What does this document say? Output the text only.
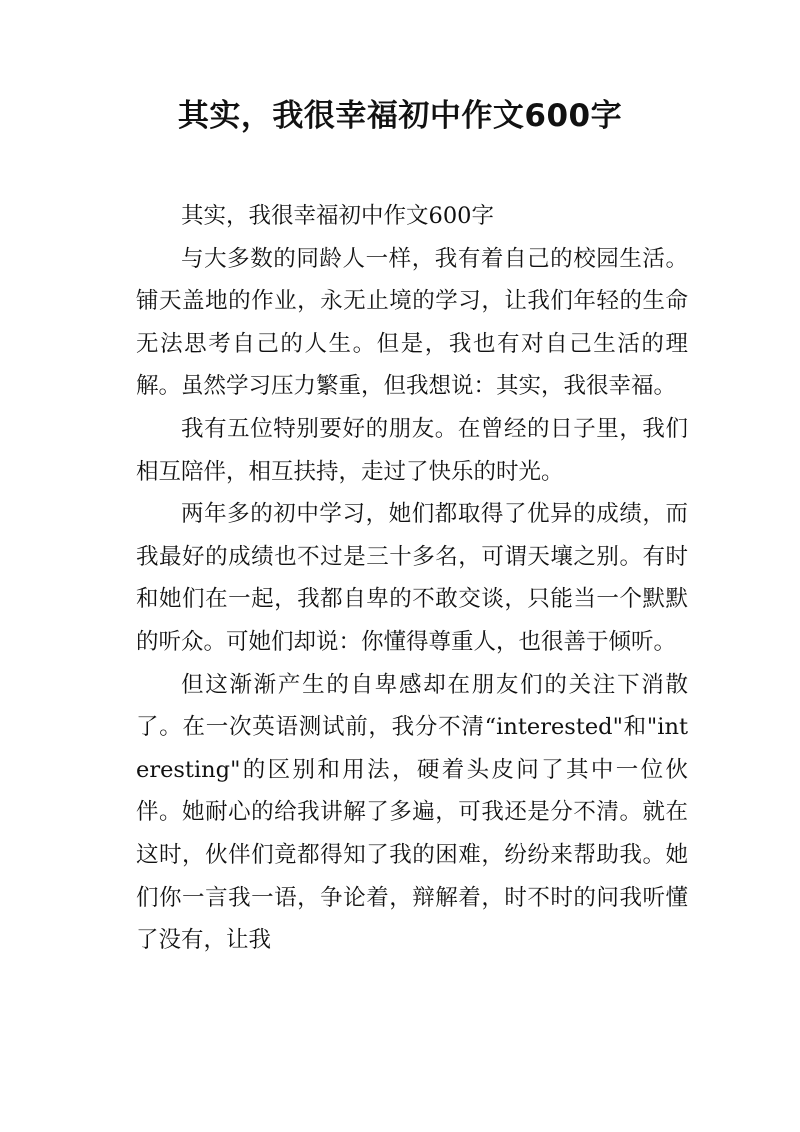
其实，我很幸福初中作文600字

其实，我很幸福初中作文600字

与大多数的同龄人一样，我有着自己的校园生活。铺天盖地的作业，永无止境的学习，让我们年轻的生命无法思考自己的人生。但是，我也有对自己生活的理解。虽然学习压力繁重，但我想说：其实，我很幸福。

我有五位特别要好的朋友。在曾经的日子里，我们相互陪伴，相互扶持，走过了快乐的时光。

两年多的初中学习，她们都取得了优异的成绩，而我最好的成绩也不过是三十多名，可谓天壤之别。有时和她们在一起，我都自卑的不敢交谈，只能当一个默默的听众。可她们却说：你懂得尊重人，也很善于倾听。

但这渐渐产生的自卑感却在朋友们的关注下消散了。在一次英语测试前，我分不清“interested"和"interesting"的区别和用法，硬着头皮问了其中一位伙伴。她耐心的给我讲解了多遍，可我还是分不清。就在这时，伙伴们竟都得知了我的困难，纷纷来帮助我。她们你一言我一语，争论着，辩解着，时不时的问我听懂了没有，让我
